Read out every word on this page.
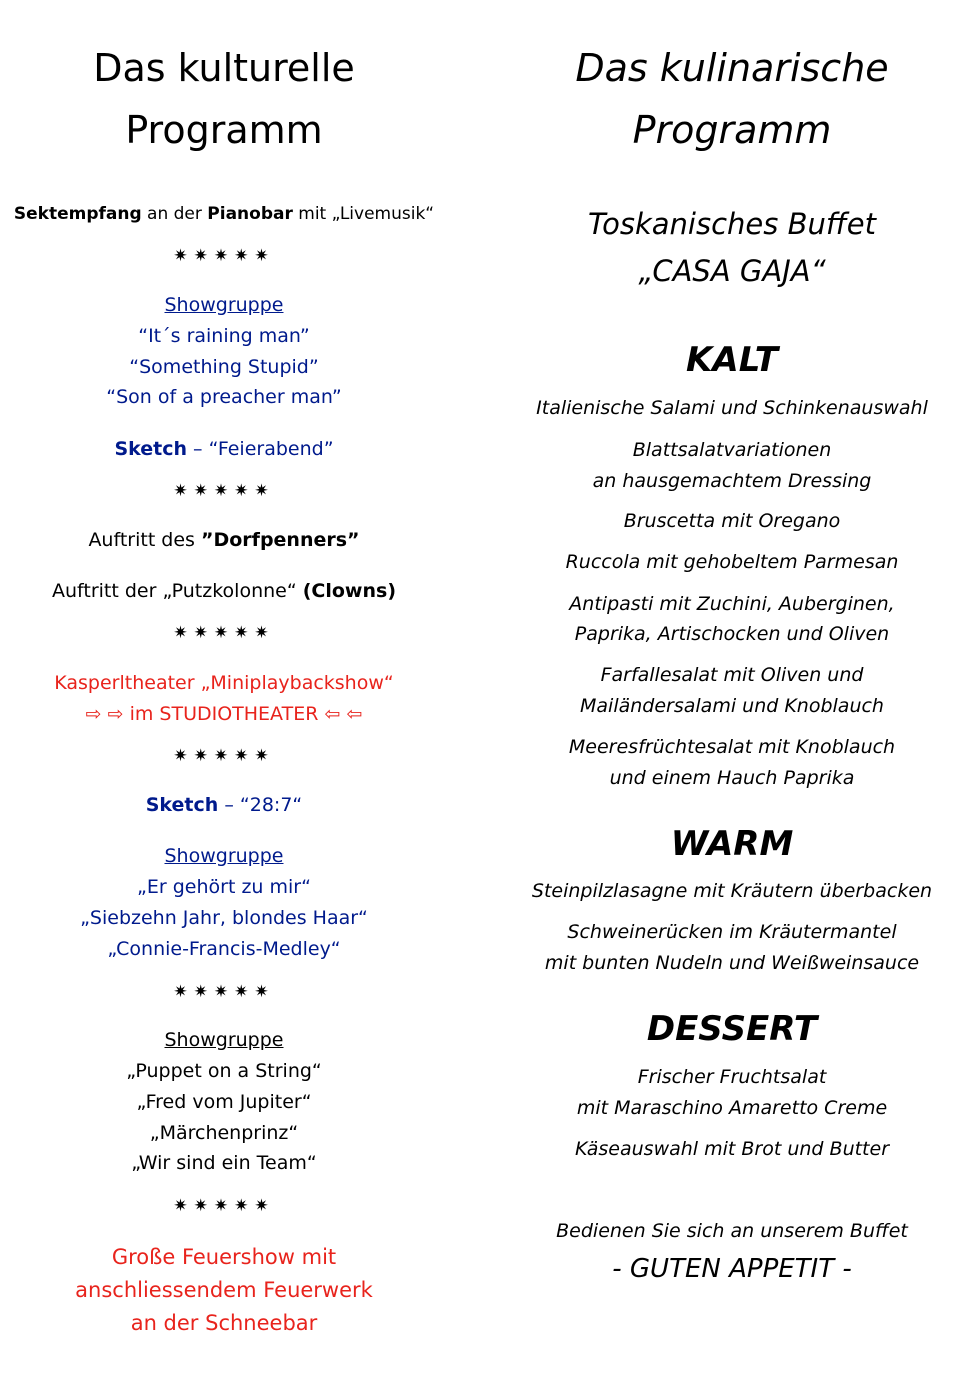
Das kulturelle
Programm
Sektempfang an der Pianobar mit „Livemusik“
✷✷✷✷✷
Showgruppe
“It´s raining man”
“Something Stupid”
“Son of a preacher man”
Sketch – “Feierabend”
✷✷✷✷✷
Auftritt des ”Dorfpenners”
Auftritt der „Putzkolonne“ (Clowns)
✷✷✷✷✷
Kasperltheater „Miniplaybackshow“
⇨ ⇨ im STUDIOTHEATER ⇦ ⇦
✷✷✷✷✷
Sketch – “28:7“
Showgruppe
„Er gehört zu mir“
„Siebzehn Jahr, blondes Haar“
„Connie-Francis-Medley“
✷✷✷✷✷
Showgruppe
„Puppet on a String“
„Fred vom Jupiter“
„Märchenprinz“
„Wir sind ein Team“
✷✷✷✷✷
Große Feuershow mit
anschliessendem Feuerwerk
an der Schneebar
Das kulinarische
Programm
Toskanisches Buffet
„CASA GAJA“
KALT
Italienische Salami und Schinkenauswahl
Blattsalatvariationen
an hausgemachtem Dressing
Bruscetta mit Oregano
Ruccola mit gehobeltem Parmesan
Antipasti mit Zuchini, Auberginen,
Paprika, Artischocken und Oliven
Farfallesalat mit Oliven und
Mailändersalami und Knoblauch
Meeresfrüchtesalat mit Knoblauch
und einem Hauch Paprika
WARM
Steinpilzlasagne mit Kräutern überbacken
Schweinerücken im Kräutermantel
mit bunten Nudeln und Weißweinsauce
DESSERT
Frischer Fruchtsalat
mit Maraschino Amaretto Creme
Käseauswahl mit Brot und Butter
Bedienen Sie sich an unserem Buffet
- GUTEN APPETIT -
